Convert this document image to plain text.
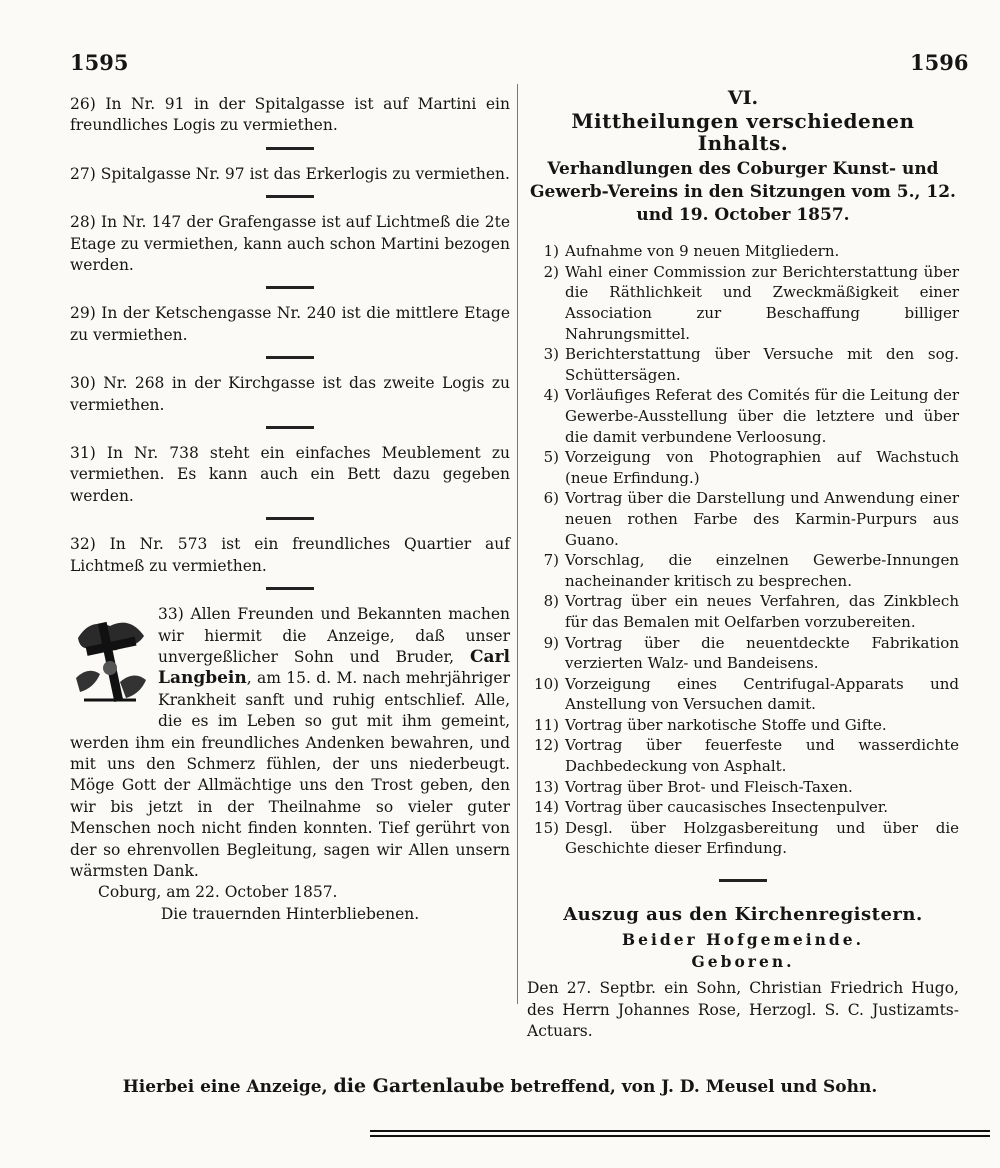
1595	1596

26) In Nr. 91 in der Spitalgasse ist auf Martini ein freundliches Logis zu vermiethen.

27) Spitalgasse Nr. 97 ist das Erkerlogis zu vermiethen.

28) In Nr. 147 der Grafengasse ist auf Lichtmeß die 2te Etage zu vermiethen, kann auch schon Martini bezogen werden.

29) In der Ketschengasse Nr. 240 ist die mittlere Etage zu vermiethen.

30) Nr. 268 in der Kirchgasse ist das zweite Logis zu vermiethen.

31) In Nr. 738 steht ein einfaches Meublement zu vermiethen. Es kann auch ein Bett dazu gegeben werden.

32) In Nr. 573 ist ein freundliches Quartier auf Lichtmeß zu vermiethen.

33) Allen Freunden und Bekannten machen wir hiermit die Anzeige, daß unser unvergeßlicher Sohn und Bruder, Carl Langbein, am 15. d. M. nach mehrjähriger Krankheit sanft und ruhig entschlief. Alle, die es im Leben so gut mit ihm gemeint, werden ihm ein freundliches Andenken bewahren, und mit uns den Schmerz fühlen, der uns niederbeugt. Möge Gott der Allmächtige uns den Trost geben, den wir bis jetzt in der Theilnahme so vieler guter Menschen noch nicht finden konnten. Tief gerührt von der so ehrenvollen Begleitung, sagen wir Allen unsern wärmsten Dank.

Coburg, am 22. October 1857.

Die trauernden Hinterbliebenen.

VI.
Mittheilungen verschiedenen Inhalts.
Verhandlungen des Coburger Kunst- und Gewerb-Vereins in den Sitzungen vom 5., 12. und 19. October 1857.
1) Aufnahme von 9 neuen Mitgliedern.
2) Wahl einer Commission zur Berichterstattung über die Räthlichkeit und Zweckmäßigkeit einer Association zur Beschaffung billiger Nahrungsmittel.
3) Berichterstattung über Versuche mit den sog. Schüttersägen.
4) Vorläufiges Referat des Comités für die Leitung der Gewerbe-Ausstellung über die letztere und über die damit verbundene Verloosung.
5) Vorzeigung von Photographien auf Wachstuch (neue Erfindung.)
6) Vortrag über die Darstellung und Anwendung einer neuen rothen Farbe des Karmin-Purpurs aus Guano.
7) Vorschlag, die einzelnen Gewerbe-Innungen nacheinander kritisch zu besprechen.
8) Vortrag über ein neues Verfahren, das Zinkblech für das Bemalen mit Oelfarben vorzubereiten.
9) Vortrag über die neuentdeckte Fabrikation verzierten Walz- und Bandeisens.
10) Vorzeigung eines Centrifugal-Apparats und Anstellung von Versuchen damit.
11) Vortrag über narkotische Stoffe und Gifte.
12) Vortrag über feuerfeste und wasserdichte Dachbedeckung von Asphalt.
13) Vortrag über Brot- und Fleisch-Taxen.
14) Vortrag über caucasisches Insectenpulver.
15) Desgl. über Holzgasbereitung und über die Geschichte dieser Erfindung.
Auszug aus den Kirchenregistern.
Beider Hofgemeinde.
Geboren.

Den 27. Septbr. ein Sohn, Christian Friedrich Hugo, des Herrn Johannes Rose, Herzogl. S. C. Justizamts-Actuars.

Hierbei eine Anzeige, die Gartenlaube betreffend, von J. D. Meusel und Sohn.
